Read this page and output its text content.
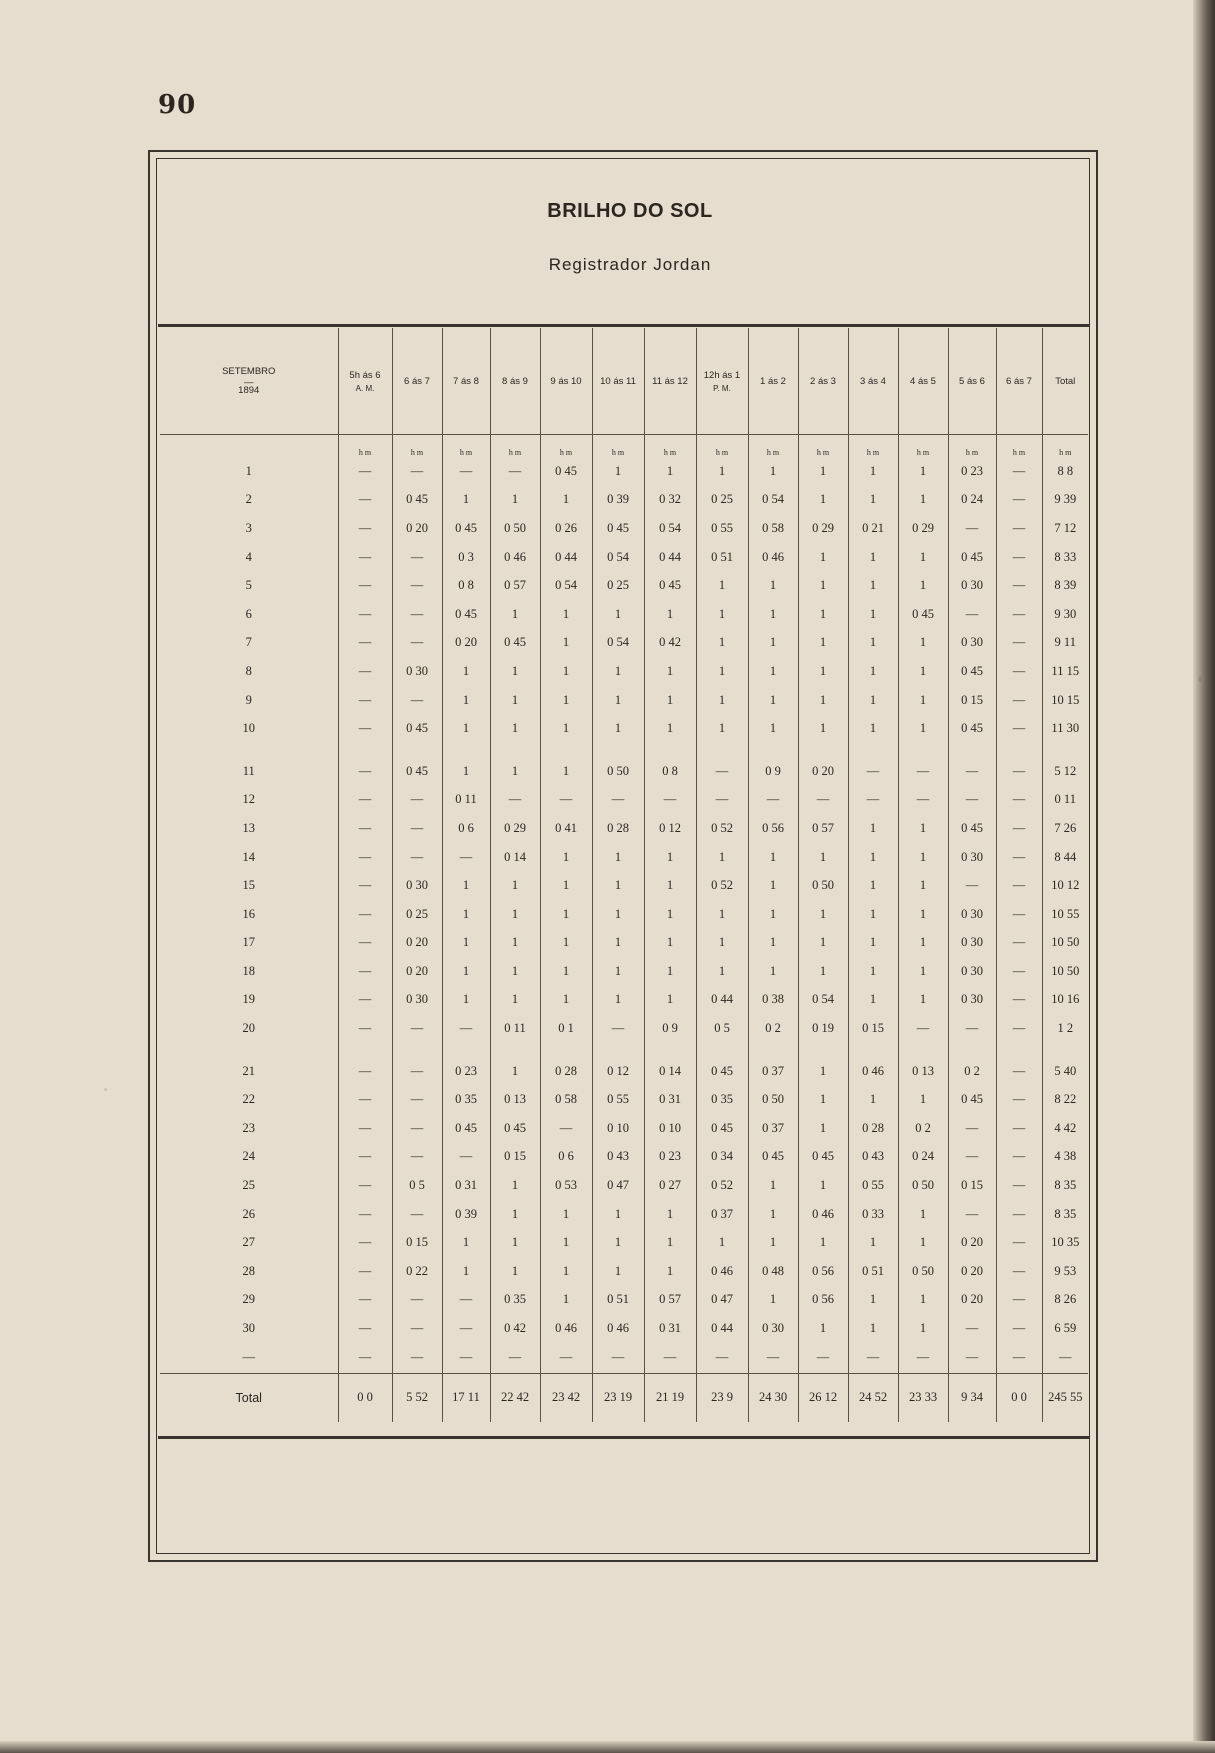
90
BRILHO DO SOL
Registrador Jordan
SETEMBRO
—
1894	5h ás 6
A. M.	6 ás 7	7 ás 8	8 ás 9	9 ás 10	10 ás 11	11 ás 12	12h ás 1
P. M.	1 ás 2	2 ás 3	3 ás 4	4 ás 5	5 ás 6	6 ás 7	Total
	h m	h m	h m	h m	h m	h m	h m	h m	h m	h m	h m	h m	h m	h m	h m
1	—	—	—	—	0 45	1	1	1	1	1	1	1	0 23	—	8 8
2	—	0 45	1	1	1	0 39	0 32	0 25	0 54	1	1	1	0 24	—	9 39
3	—	0 20	0 45	0 50	0 26	0 45	0 54	0 55	0 58	0 29	0 21	0 29	—	—	7 12
4	—	—	0 3	0 46	0 44	0 54	0 44	0 51	0 46	1	1	1	0 45	—	8 33
5	—	—	0 8	0 57	0 54	0 25	0 45	1	1	1	1	1	0 30	—	8 39
6	—	—	0 45	1	1	1	1	1	1	1	1	0 45	—	—	9 30
7	—	—	0 20	0 45	1	0 54	0 42	1	1	1	1	1	0 30	—	9 11
8	—	0 30	1	1	1	1	1	1	1	1	1	1	0 45	—	11 15
9	—	—	1	1	1	1	1	1	1	1	1	1	0 15	—	10 15
10	—	0 45	1	1	1	1	1	1	1	1	1	1	0 45	—	11 30

11	—	0 45	1	1	1	0 50	0 8	—	0 9	0 20	—	—	—	—	5 12
12	—	—	0 11	—	—	—	—	—	—	—	—	—	—	—	0 11
13	—	—	0 6	0 29	0 41	0 28	0 12	0 52	0 56	0 57	1	1	0 45	—	7 26
14	—	—	—	0 14	1	1	1	1	1	1	1	1	0 30	—	8 44
15	—	0 30	1	1	1	1	1	0 52	1	0 50	1	1	—	—	10 12
16	—	0 25	1	1	1	1	1	1	1	1	1	1	0 30	—	10 55
17	—	0 20	1	1	1	1	1	1	1	1	1	1	0 30	—	10 50
18	—	0 20	1	1	1	1	1	1	1	1	1	1	0 30	—	10 50
19	—	0 30	1	1	1	1	1	0 44	0 38	0 54	1	1	0 30	—	10 16
20	—	—	—	0 11	0 1	—	0 9	0 5	0 2	0 19	0 15	—	—	—	1 2

21	—	—	0 23	1	0 28	0 12	0 14	0 45	0 37	1	0 46	0 13	0 2	—	5 40
22	—	—	0 35	0 13	0 58	0 55	0 31	0 35	0 50	1	1	1	0 45	—	8 22
23	—	—	0 45	0 45	—	0 10	0 10	0 45	0 37	1	0 28	0 2	—	—	4 42
24	—	—	—	0 15	0 6	0 43	0 23	0 34	0 45	0 45	0 43	0 24	—	—	4 38
25	—	0 5	0 31	1	0 53	0 47	0 27	0 52	1	1	0 55	0 50	0 15	—	8 35
26	—	—	0 39	1	1	1	1	0 37	1	0 46	0 33	1	—	—	8 35
27	—	0 15	1	1	1	1	1	1	1	1	1	1	0 20	—	10 35
28	—	0 22	1	1	1	1	1	0 46	0 48	0 56	0 51	0 50	0 20	—	9 53
29	—	—	—	0 35	1	0 51	0 57	0 47	1	0 56	1	1	0 20	—	8 26
30	—	—	—	0 42	0 46	0 46	0 31	0 44	0 30	1	1	1	—	—	6 59
—	—	—	—	—	—	—	—	—	—	—	—	—	—	—	—
Total	0 0	5 52	17 11	22 42	23 42	23 19	21 19	23 9	24 30	26 12	24 52	23 33	9 34	0 0	245 55
